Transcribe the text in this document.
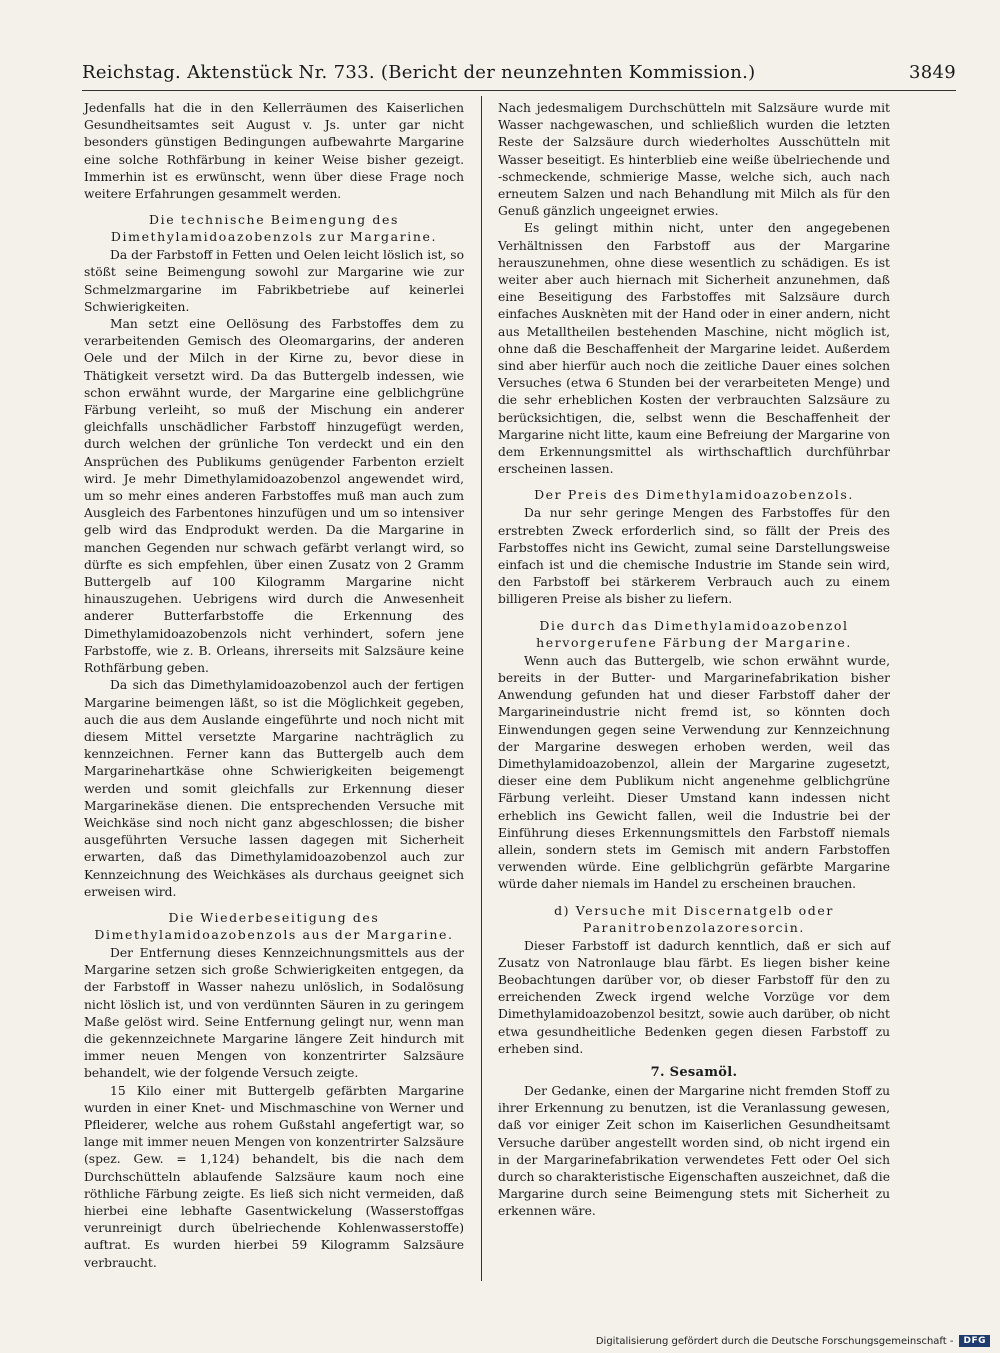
Reichstag. Aktenstück Nr. 733. (Bericht der neunzehnten Kommission.)	3849

Jedenfalls hat die in den Kellerräumen des Kaiserlichen Gesundheitsamtes seit August v. Js. unter gar nicht besonders günstigen Bedingungen aufbewahrte Margarine eine solche Rothfärbung in keiner Weise bisher gezeigt. Immerhin ist es erwünscht, wenn über diese Frage noch weitere Erfahrungen gesammelt werden.

Die technische Beimengung des Dimethylamidoazobenzols zur Margarine.

Da der Farbstoff in Fetten und Oelen leicht löslich ist, so stößt seine Beimengung sowohl zur Margarine wie zur Schmelzmargarine im Fabrikbetriebe auf keinerlei Schwierigkeiten.

Man setzt eine Oellösung des Farbstoffes dem zu verarbeitenden Gemisch des Oleomargarins, der anderen Oele und der Milch in der Kirne zu, bevor diese in Thätigkeit versetzt wird. Da das Buttergelb indessen, wie schon erwähnt wurde, der Margarine eine gelblichgrüne Färbung verleiht, so muß der Mischung ein anderer gleichfalls unschädlicher Farbstoff hinzugefügt werden, durch welchen der grünliche Ton verdeckt und ein den Ansprüchen des Publikums genügender Farbenton erzielt wird. Je mehr Dimethylamidoazobenzol angewendet wird, um so mehr eines anderen Farbstoffes muß man auch zum Ausgleich des Farbentones hinzufügen und um so intensiver gelb wird das Endprodukt werden. Da die Margarine in manchen Gegenden nur schwach gefärbt verlangt wird, so dürfte es sich empfehlen, über einen Zusatz von 2 Gramm Buttergelb auf 100 Kilogramm Margarine nicht hinauszugehen. Uebrigens wird durch die Anwesenheit anderer Butterfarbstoffe die Erkennung des Dimethylamidoazobenzols nicht verhindert, sofern jene Farbstoffe, wie z. B. Orleans, ihrerseits mit Salzsäure keine Rothfärbung geben.

Da sich das Dimethylamidoazobenzol auch der fertigen Margarine beimengen läßt, so ist die Möglichkeit gegeben, auch die aus dem Auslande eingeführte und noch nicht mit diesem Mittel versetzte Margarine nachträglich zu kennzeichnen. Ferner kann das Buttergelb auch dem Margarinehartkäse ohne Schwierigkeiten beigemengt werden und somit gleichfalls zur Erkennung dieser Margarinekäse dienen. Die entsprechenden Versuche mit Weichkäse sind noch nicht ganz abgeschlossen; die bisher ausgeführten Versuche lassen dagegen mit Sicherheit erwarten, daß das Dimethylamidoazobenzol auch zur Kennzeichnung des Weichkäses als durchaus geeignet sich erweisen wird.

Die Wiederbeseitigung des Dimethylamidoazobenzols aus der Margarine.

Der Entfernung dieses Kennzeichnungsmittels aus der Margarine setzen sich große Schwierigkeiten entgegen, da der Farbstoff in Wasser nahezu unlöslich, in Sodalösung nicht löslich ist, und von verdünnten Säuren in zu geringem Maße gelöst wird. Seine Entfernung gelingt nur, wenn man die gekennzeichnete Margarine längere Zeit hindurch mit immer neuen Mengen von konzentrirter Salzsäure behandelt, wie der folgende Versuch zeigte.

15 Kilo einer mit Buttergelb gefärbten Margarine wurden in einer Knet- und Mischmaschine von Werner und Pfleiderer, welche aus rohem Gußstahl angefertigt war, so lange mit immer neuen Mengen von konzentrirter Salzsäure (spez. Gew. = 1,124) behandelt, bis die nach dem Durchschütteln ablaufende Salzsäure kaum noch eine röthliche Färbung zeigte. Es ließ sich nicht vermeiden, daß hierbei eine lebhafte Gasentwickelung (Wasserstoffgas verunreinigt durch übelriechende Kohlenwasserstoffe) auftrat. Es wurden hierbei 59 Kilogramm Salzsäure verbraucht.

Nach jedesmaligem Durchschütteln mit Salzsäure wurde mit Wasser nachgewaschen, und schließlich wurden die letzten Reste der Salzsäure durch wiederholtes Ausschütteln mit Wasser beseitigt. Es hinterblieb eine weiße übelriechende und -schmeckende, schmierige Masse, welche sich, auch nach erneutem Salzen und nach Behandlung mit Milch als für den Genuß gänzlich ungeeignet erwies.

Es gelingt mithin nicht, unter den angegebenen Verhältnissen den Farbstoff aus der Margarine herauszunehmen, ohne diese wesentlich zu schädigen. Es ist weiter aber auch hiernach mit Sicherheit anzunehmen, daß eine Beseitigung des Farbstoffes mit Salzsäure durch einfaches Ausknèten mit der Hand oder in einer andern, nicht aus Metalltheilen bestehenden Maschine, nicht möglich ist, ohne daß die Beschaffenheit der Margarine leidet. Außerdem sind aber hierfür auch noch die zeitliche Dauer eines solchen Versuches (etwa 6 Stunden bei der verarbeiteten Menge) und die sehr erheblichen Kosten der verbrauchten Salzsäure zu berücksichtigen, die, selbst wenn die Beschaffenheit der Margarine nicht litte, kaum eine Befreiung der Margarine von dem Erkennungsmittel als wirthschaftlich durchführbar erscheinen lassen.

Der Preis des Dimethylamidoazobenzols.

Da nur sehr geringe Mengen des Farbstoffes für den erstrebten Zweck erforderlich sind, so fällt der Preis des Farbstoffes nicht ins Gewicht, zumal seine Darstellungsweise einfach ist und die chemische Industrie im Stande sein wird, den Farbstoff bei stärkerem Verbrauch auch zu einem billigeren Preise als bisher zu liefern.

Die durch das Dimethylamidoazobenzol hervorgerufene Färbung der Margarine.

Wenn auch das Buttergelb, wie schon erwähnt wurde, bereits in der Butter- und Margarinefabrikation bisher Anwendung gefunden hat und dieser Farbstoff daher der Margarineindustrie nicht fremd ist, so könnten doch Einwendungen gegen seine Verwendung zur Kennzeichnung der Margarine deswegen erhoben werden, weil das Dimethylamidoazobenzol, allein der Margarine zugesetzt, dieser eine dem Publikum nicht angenehme gelblichgrüne Färbung verleiht. Dieser Umstand kann indessen nicht erheblich ins Gewicht fallen, weil die Industrie bei der Einführung dieses Erkennungsmittels den Farbstoff niemals allein, sondern stets im Gemisch mit andern Farbstoffen verwenden würde. Eine gelblichgrün gefärbte Margarine würde daher niemals im Handel zu erscheinen brauchen.

d) Versuche mit Discernatgelb oder Paranitrobenzolazoresorcin.

Dieser Farbstoff ist dadurch kenntlich, daß er sich auf Zusatz von Natronlauge blau färbt. Es liegen bisher keine Beobachtungen darüber vor, ob dieser Farbstoff für den zu erreichenden Zweck irgend welche Vorzüge vor dem Dimethylamidoazobenzol besitzt, sowie auch darüber, ob nicht etwa gesundheitliche Bedenken gegen diesen Farbstoff zu erheben sind.

7. Sesamöl.

Der Gedanke, einen der Margarine nicht fremden Stoff zu ihrer Erkennung zu benutzen, ist die Veranlassung gewesen, daß vor einiger Zeit schon im Kaiserlichen Gesundheitsamt Versuche darüber angestellt worden sind, ob nicht irgend ein in der Margarinefabrikation verwendetes Fett oder Oel sich durch so charakteristische Eigenschaften auszeichnet, daß die Margarine durch seine Beimengung stets mit Sicherheit zu erkennen wäre.

Digitalisierung gefördert durch die Deutsche Forschungsgemeinschaft -	DFG
